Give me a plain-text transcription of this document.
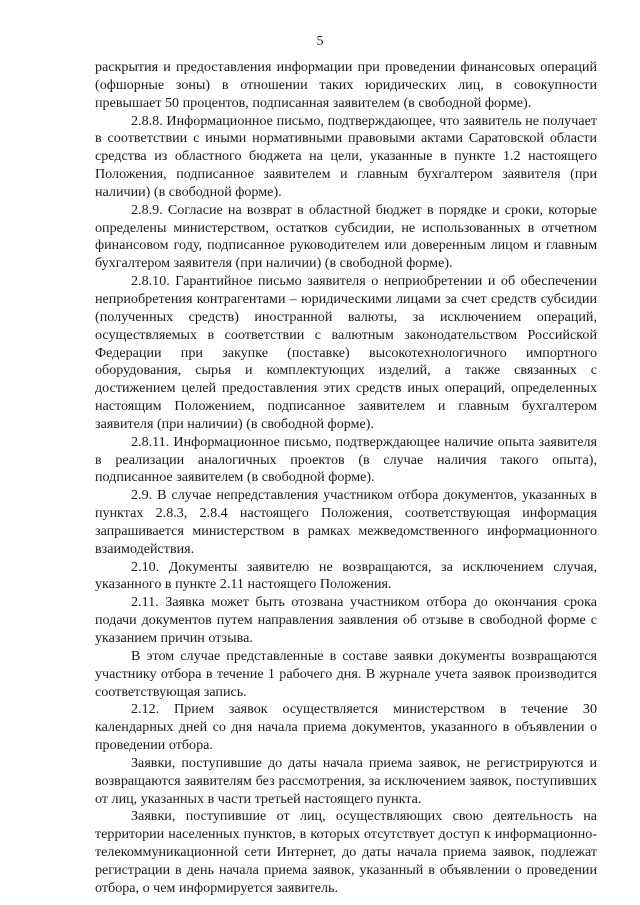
5

раскрытия и предоставления информации при проведении финансовых операций (офшорные зоны) в отношении таких юридических лиц, в совокупности превышает 50 процентов, подписанная заявителем (в свободной форме).

2.8.8. Информационное письмо, подтверждающее, что заявитель не получает в соответствии с иными нормативными правовыми актами Саратовской области средства из областного бюджета на цели, указанные в пункте 1.2 настоящего Положения, подписанное заявителем и главным бухгалтером заявителя (при наличии) (в свободной форме).

2.8.9. Согласие на возврат в областной бюджет в порядке и сроки, которые определены министерством, остатков субсидии, не использованных в отчетном финансовом году, подписанное руководителем или доверенным лицом и главным бухгалтером заявителя (при наличии) (в свободной форме).

2.8.10. Гарантийное письмо заявителя о неприобретении и об обеспечении неприобретения контрагентами – юридическими лицами за счет средств субсидии (полученных средств) иностранной валюты, за исключением операций, осуществляемых в соответствии с валютным законодательством Российской Федерации при закупке (поставке) высокотехнологичного импортного оборудования, сырья и комплектующих изделий, а также связанных с достижением целей предоставления этих средств иных операций, определенных настоящим Положением, подписанное заявителем и главным бухгалтером заявителя (при наличии) (в свободной форме).

2.8.11. Информационное письмо, подтверждающее наличие опыта заявителя в реализации аналогичных проектов (в случае наличия такого опыта), подписанное заявителем (в свободной форме).

2.9. В случае непредставления участником отбора документов, указанных в пунктах 2.8.3, 2.8.4 настоящего Положения, соответствующая информация запрашивается министерством в рамках межведомственного информационного взаимодействия.

2.10. Документы заявителю не возвращаются, за исключением случая, указанного в пункте 2.11 настоящего Положения.

2.11. Заявка может быть отозвана участником отбора до окончания срока подачи документов путем направления заявления об отзыве в свободной форме с указанием причин отзыва.

В этом случае представленные в составе заявки документы возвращаются участнику отбора в течение 1 рабочего дня. В журнале учета заявок производится соответствующая запись.

2.12. Прием заявок осуществляется министерством в течение 30 календарных дней со дня начала приема документов, указанного в объявлении о проведении отбора.

Заявки, поступившие до даты начала приема заявок, не регистрируются и возвращаются заявителям без рассмотрения, за исключением заявок, поступивших от лиц, указанных в части третьей настоящего пункта.

Заявки, поступившие от лиц, осуществляющих свою деятельность на территории населенных пунктов, в которых отсутствует доступ к информационно-телекоммуникационной сети Интернет, до даты начала приема заявок, подлежат регистрации в день начала приема заявок, указанный в объявлении о проведении отбора, о чем информируется заявитель.
